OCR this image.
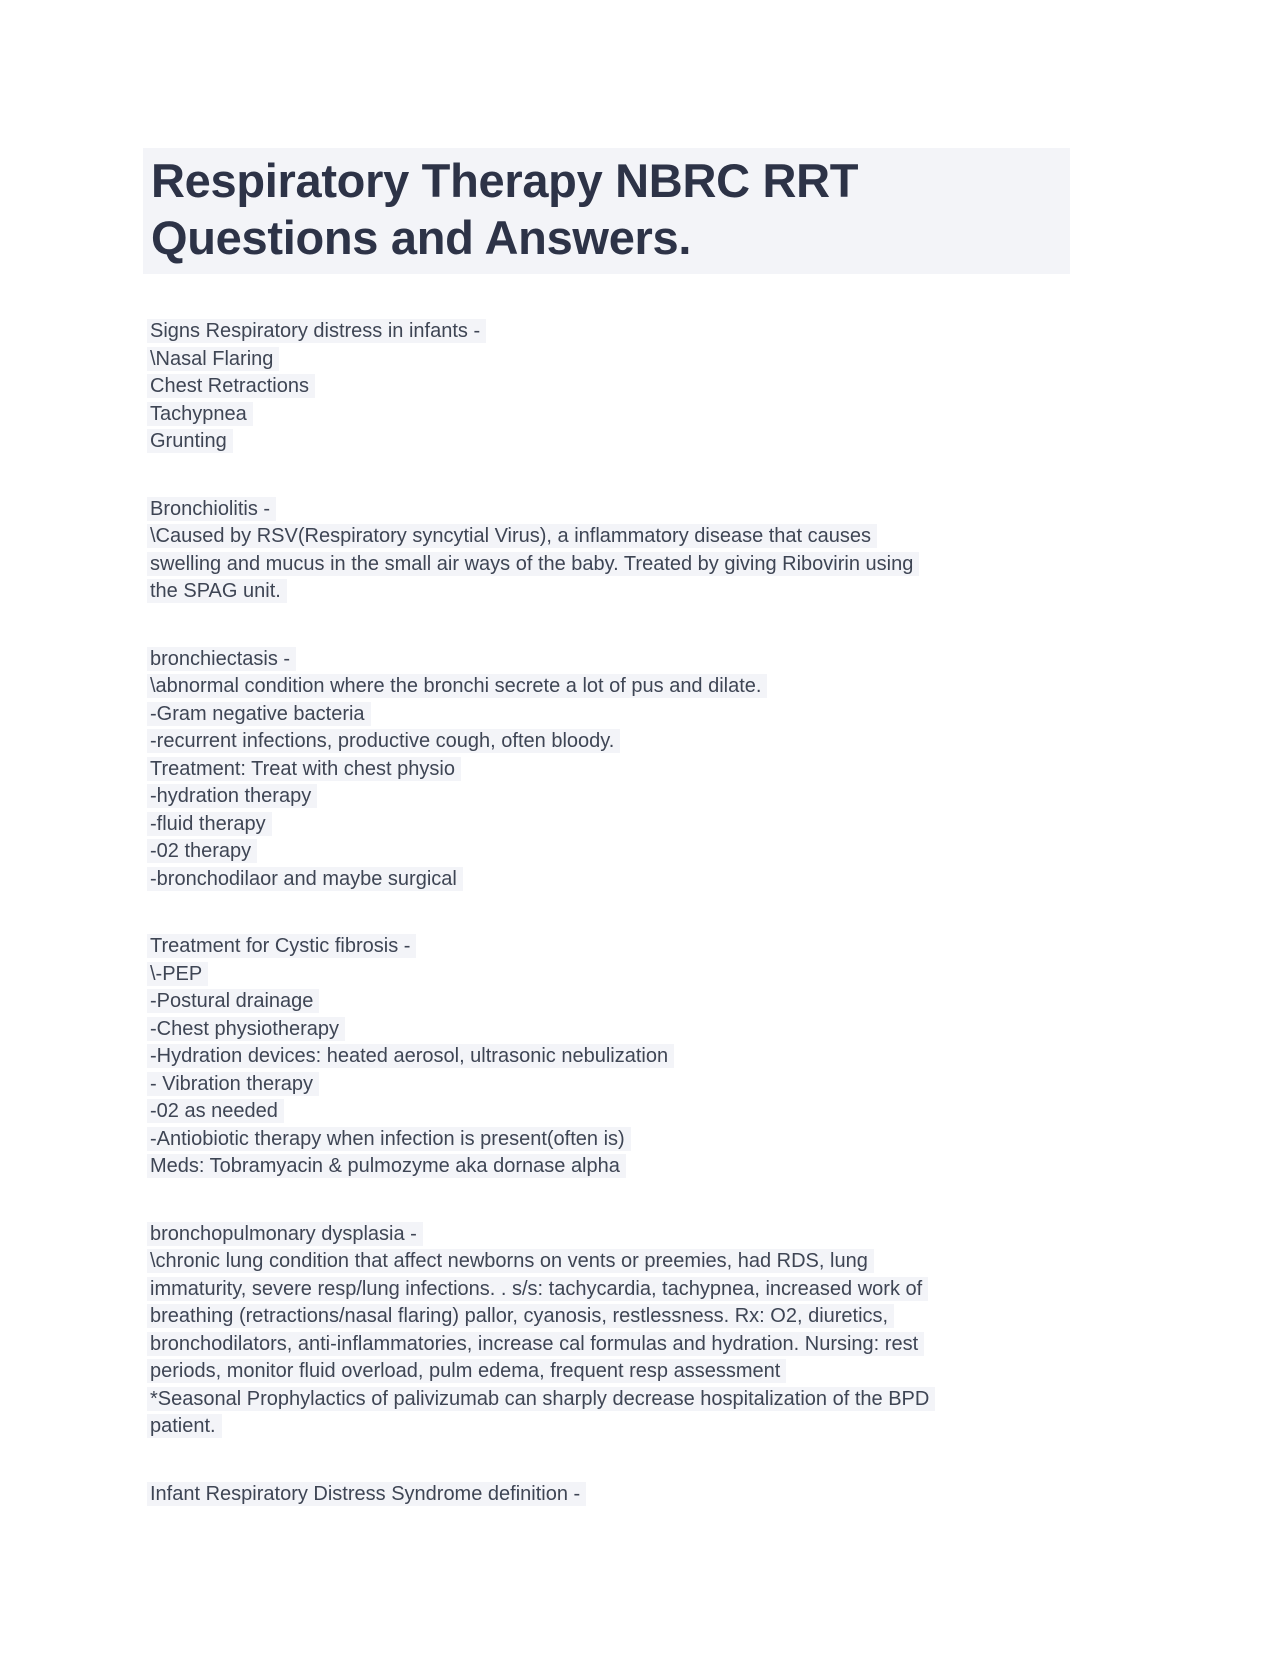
Respiratory Therapy NBRC RRT
Questions and Answers.
Signs Respiratory distress in infants -
\Nasal Flaring
Chest Retractions
Tachypnea
Grunting
Bronchiolitis -
\Caused by RSV(Respiratory syncytial Virus), a inflammatory disease that causes
swelling and mucus in the small air ways of the baby. Treated by giving Ribovirin using
the SPAG unit.
bronchiectasis -
\abnormal condition where the bronchi secrete a lot of pus and dilate.
-Gram negative bacteria
-recurrent infections, productive cough, often bloody.
Treatment: Treat with chest physio
-hydration therapy
-fluid therapy
-02 therapy
-bronchodilaor and maybe surgical
Treatment for Cystic fibrosis -
\-PEP
-Postural drainage
-Chest physiotherapy
-Hydration devices: heated aerosol, ultrasonic nebulization
- Vibration therapy
-02 as needed
-Antiobiotic therapy when infection is present(often is)
Meds: Tobramyacin & pulmozyme aka dornase alpha
bronchopulmonary dysplasia -
\chronic lung condition that affect newborns on vents or preemies, had RDS, lung
immaturity, severe resp/lung infections. . s/s: tachycardia, tachypnea, increased work of
breathing (retractions/nasal flaring) pallor, cyanosis, restlessness. Rx: O2, diuretics,
bronchodilators, anti-inflammatories, increase cal formulas and hydration. Nursing: rest
periods, monitor fluid overload, pulm edema, frequent resp assessment
*Seasonal Prophylactics of palivizumab can sharply decrease hospitalization of the BPD
patient.
Infant Respiratory Distress Syndrome definition -
